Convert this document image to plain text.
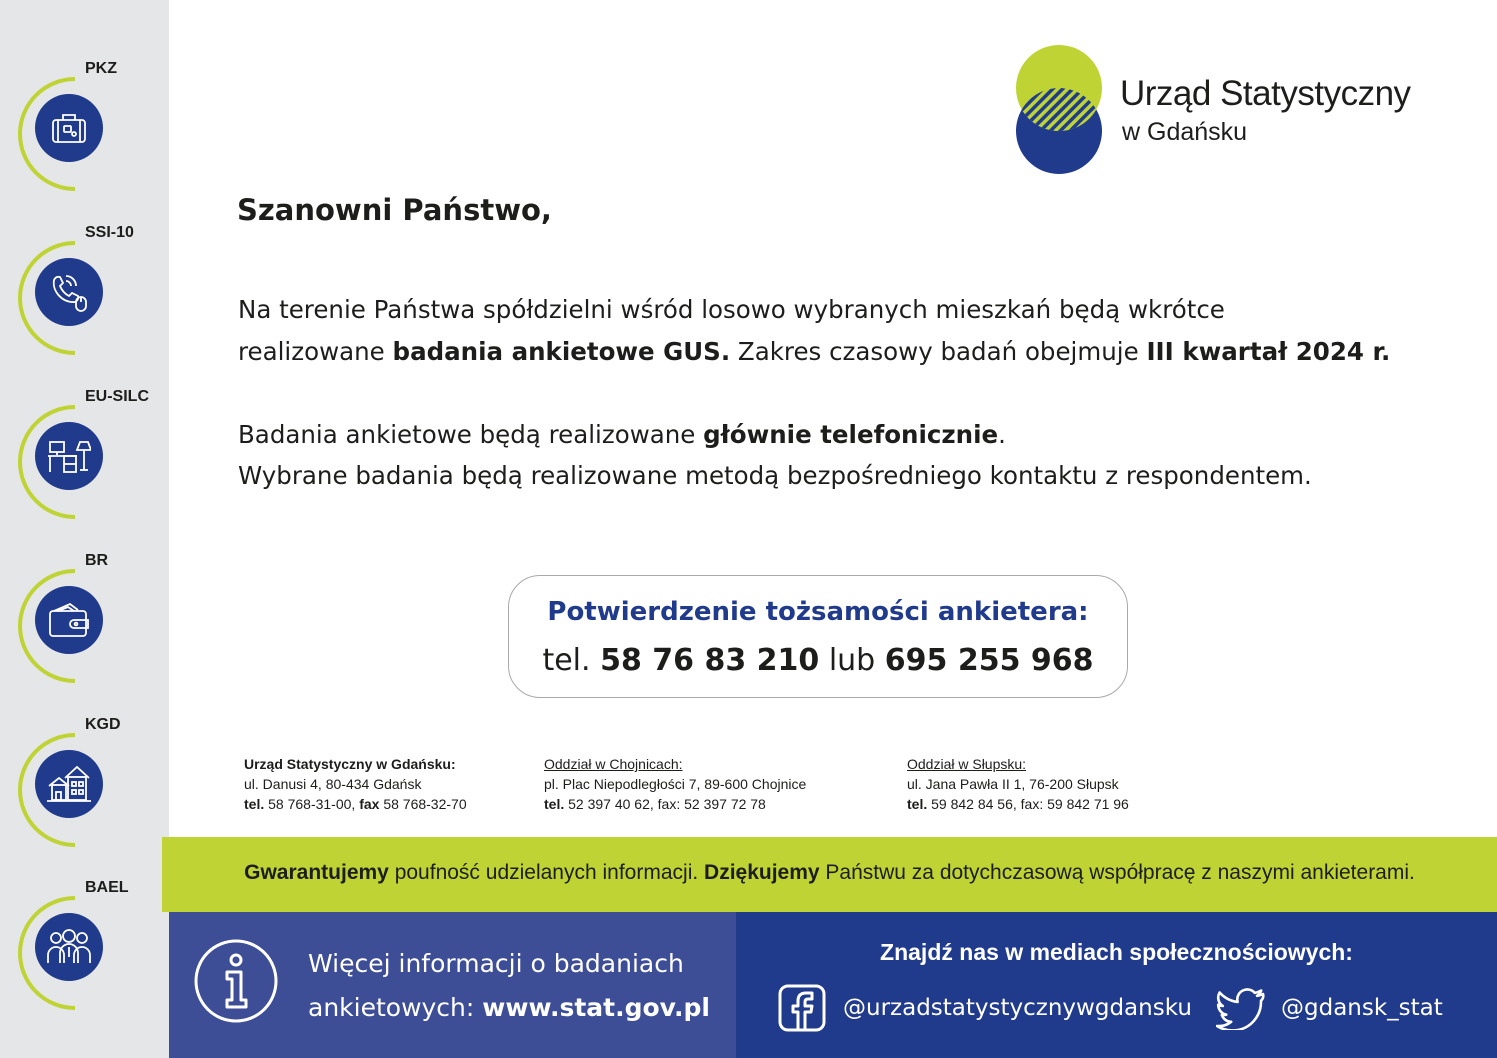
PKZ
SSI-10
EU-SILC
BR
KGD
BAEL
Urząd Statystyczny
w Gdańsku
Szanowni Państwo,
Na terenie Państwa spółdzielni wśród losowo wybranych mieszkań będą wkrótce
realizowane badania ankietowe GUS. Zakres czasowy badań obejmuje III kwartał 2024 r.
Badania ankietowe będą realizowane głównie telefonicznie.
Wybrane badania będą realizowane metodą bezpośredniego kontaktu z respondentem.
Potwierdzenie tożsamości ankietera:
tel. 58 76 83 210 lub 695 255 968
Urząd Statystyczny w Gdańsku:
ul. Danusi 4, 80-434 Gdańsk
tel. 58 768-31-00, fax 58 768-32-70
Oddział w Chojnicach:
pl. Plac Niepodległości 7, 89-600 Chojnice
tel. 52 397 40 62, fax: 52 397 72 78
Oddział w Słupsku:
ul. Jana Pawła II 1, 76-200 Słupsk
tel. 59 842 84 56, fax: 59 842 71 96
Gwarantujemy poufność udzielanych informacji. Dziękujemy Państwu za dotychczasową współpracę z naszymi ankieterami.
Więcej informacji o badaniach
ankietowych: www.stat.gov.pl
Znajdź nas w mediach społecznościowych:
@urzadstatystycznywgdansku	@gdansk_stat
